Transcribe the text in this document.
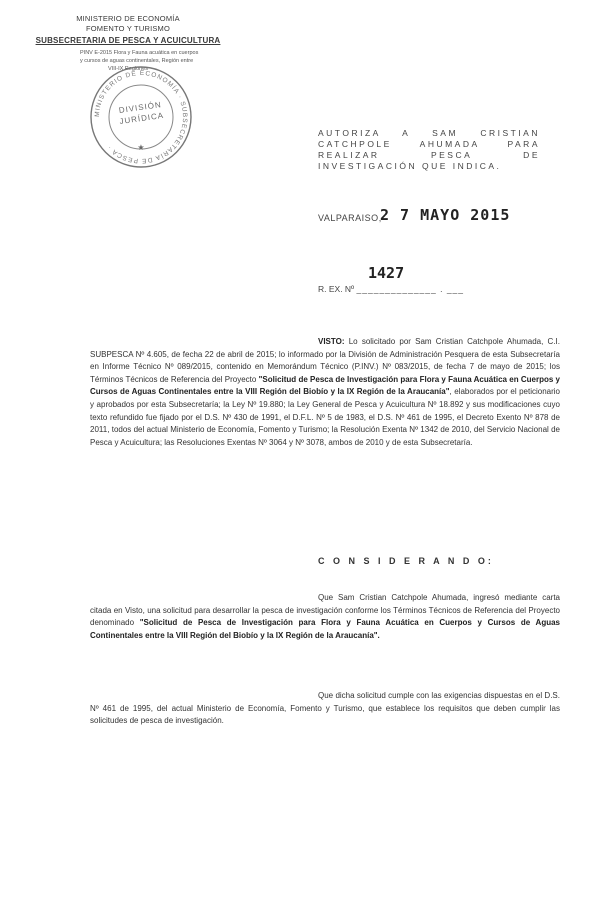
MINISTERIO DE ECONOMÍA
FOMENTO Y TURISMO
SUBSECRETARIA DE PESCA Y ACUICULTURA
PINV E-2015 Flora y Fauna acuática en cuerpos
y cursos de aguas continentales, Región entre
VIII-IX Regiones
MINISTERIO DE ECONOMÍA · SUBSECRETARÍA DE PESCA ·	★
DIVISIÓN JURÍDICA
AUTORIZA A SAM CRISTIAN CATCHPOLE AHUMADA PARA REALIZAR PESCA DE INVESTIGACIÓN QUE INDICA.
VALPARAISO,
2 7 MAYO 2015
R. EX. Nº ______________ . ___
1427
VISTO: Lo solicitado por Sam Cristian Catchpole Ahumada, C.I. SUBPESCA Nº 4.605, de fecha 22 de abril de 2015; lo informado por la División de Administración Pesquera de esta Subsecretaría en Informe Técnico Nº 089/2015, contenido en Memorándum Técnico (P.INV.) Nº 083/2015, de fecha 7 de mayo de 2015; los Términos Técnicos de Referencia del Proyecto "Solicitud de Pesca de Investigación para Flora y Fauna Acuática en Cuerpos y Cursos de Aguas Continentales entre la VIII Región del Biobío y la IX Región de la Araucanía", elaborados por el peticionario y aprobados por esta Subsecretaría; la Ley Nº 19.880; la Ley General de Pesca y Acuicultura Nº 18.892 y sus modificaciones cuyo texto refundido fue fijado por el D.S. Nº 430 de 1991, el D.F.L. Nº 5 de 1983, el D.S. Nº 461 de 1995, el Decreto Exento Nº 878 de 2011, todos del actual Ministerio de Economía, Fomento y Turismo; la Resolución Exenta Nº 1342 de 2010, del Servicio Nacional de Pesca y Acuicultura; las Resoluciones Exentas Nº 3064 y Nº 3078, ambos de 2010 y de esta Subsecretaría.
C O N S I D E R A N D O:
Que Sam Cristian Catchpole Ahumada, ingresó mediante carta citada en Visto, una solicitud para desarrollar la pesca de investigación conforme los Términos Técnicos de Referencia del Proyecto denominado "Solicitud de Pesca de Investigación para Flora y Fauna Acuática en Cuerpos y Cursos de Aguas Continentales entre la VIII Región del Biobío y la IX Región de la Araucanía".
Que dicha solicitud cumple con las exigencias dispuestas en el D.S. Nº 461 de 1995, del actual Ministerio de Economía, Fomento y Turismo, que establece los requisitos que deben cumplir las solicitudes de pesca de investigación.
